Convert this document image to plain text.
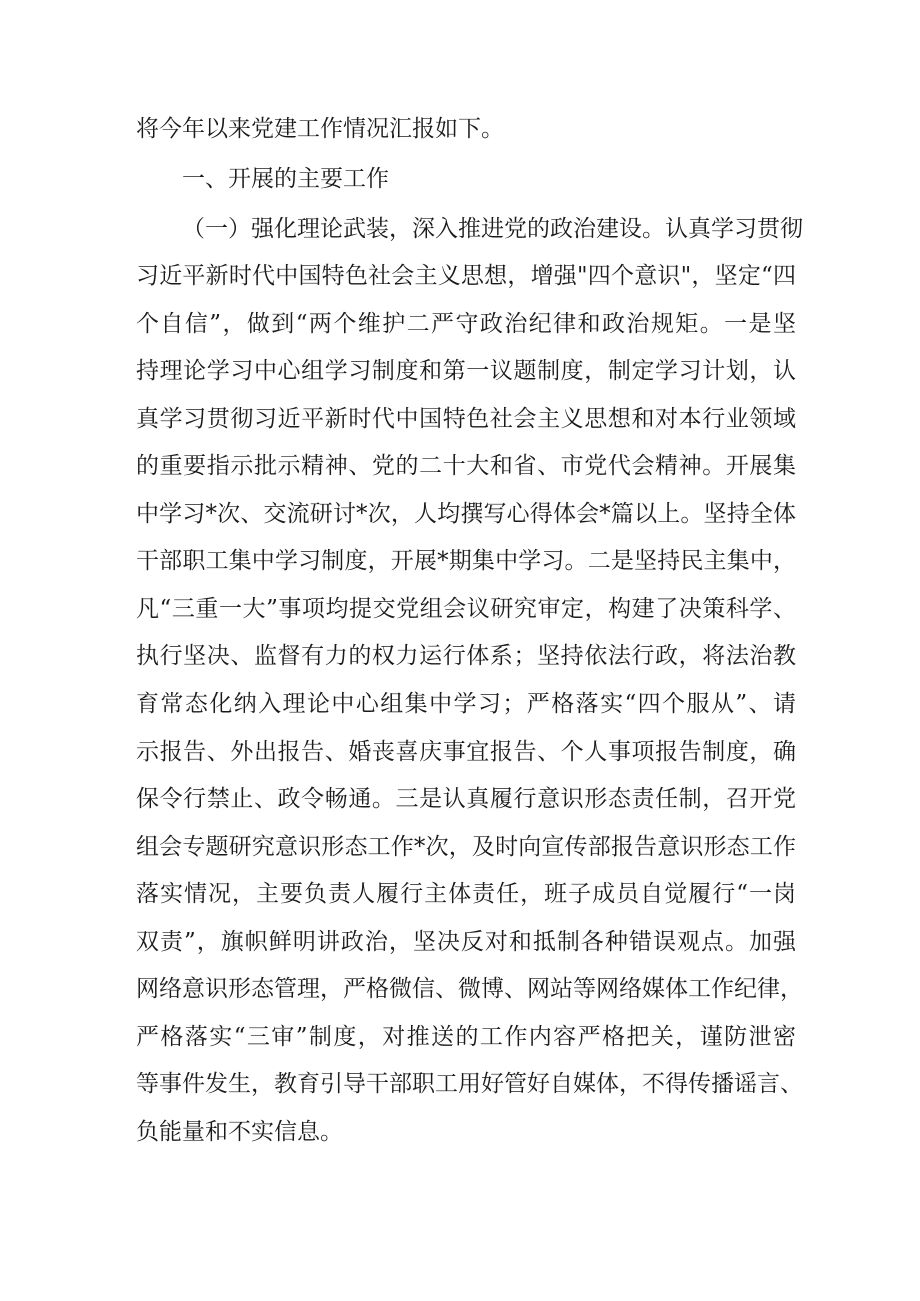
将今年以来党建工作情况汇报如下。
一、开展的主要工作
（一）强化理论武装，深入推进党的政治建设。认真学习贯彻
习近平新时代中国特色社会主义思想，增强"四个意识"，坚定“四
个自信”，做到“两个维护二严守政治纪律和政治规矩。一是坚
持理论学习中心组学习制度和第一议题制度，制定学习计划，认
真学习贯彻习近平新时代中国特色社会主义思想和对本行业领域
的重要指示批示精神、党的二十大和省、市党代会精神。开展集
中学习*次、交流研讨*次，人均撰写心得体会*篇以上。坚持全体
干部职工集中学习制度，开展*期集中学习。二是坚持民主集中，
凡“三重一大”事项均提交党组会议研究审定，构建了决策科学、
执行坚决、监督有力的权力运行体系；坚持依法行政，将法治教
育常态化纳入理论中心组集中学习；严格落实“四个服从”、请
示报告、外出报告、婚丧喜庆事宜报告、个人事项报告制度，确
保令行禁止、政令畅通。三是认真履行意识形态责任制，召开党
组会专题研究意识形态工作*次，及时向宣传部报告意识形态工作
落实情况，主要负责人履行主体责任，班子成员自觉履行“一岗
双责”，旗帜鲜明讲政治，坚决反对和抵制各种错误观点。加强
网络意识形态管理，严格微信、微博、网站等网络媒体工作纪律，
严格落实“三审”制度，对推送的工作内容严格把关，谨防泄密
等事件发生，教育引导干部职工用好管好自媒体，不得传播谣言、
负能量和不实信息。
